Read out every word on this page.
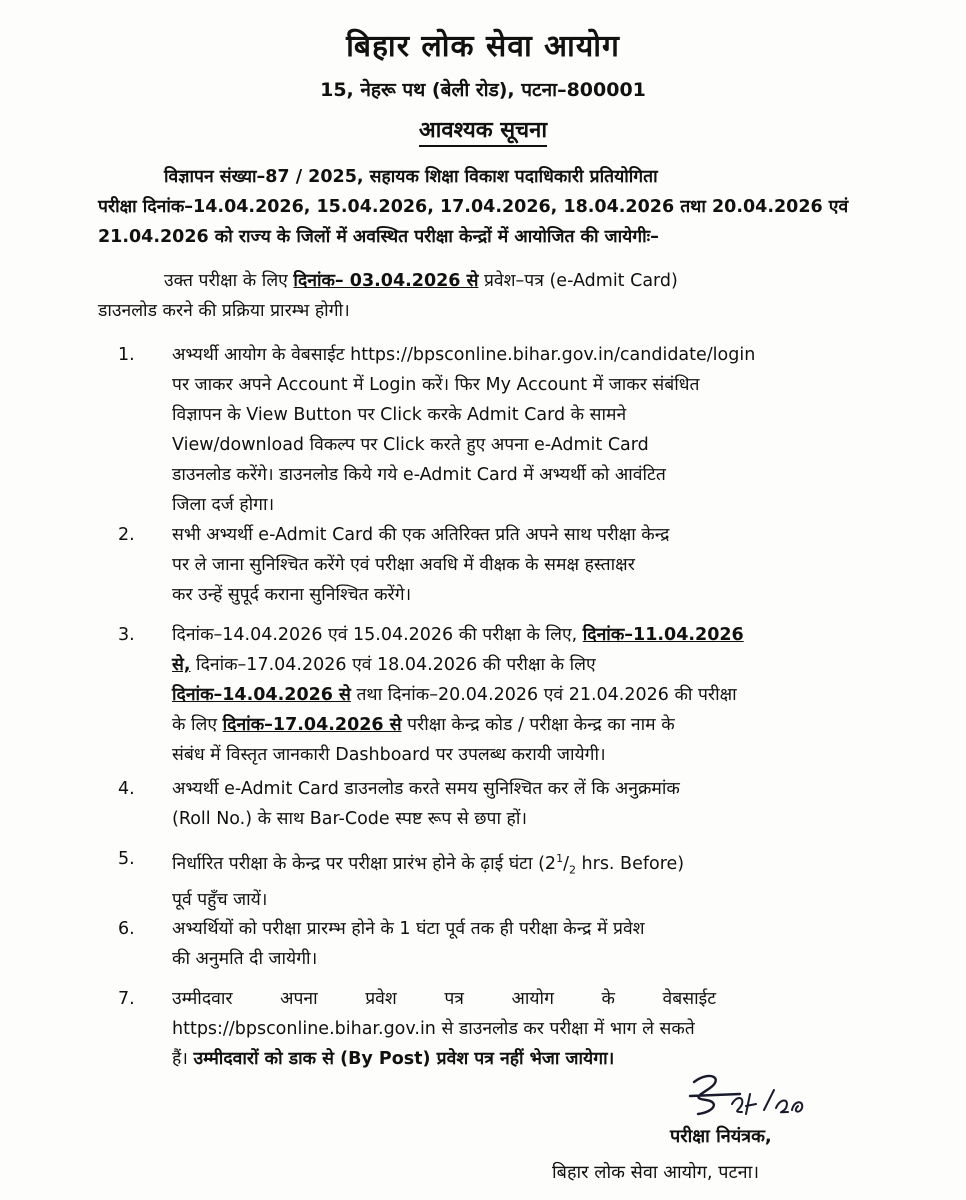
बिहार लोक सेवा आयोग
15, नेहरू पथ (बेली रोड), पटना–800001
आवश्यक सूचना
विज्ञापन संख्या–87 / 2025, सहायक शिक्षा विकाश पदाधिकारी प्रतियोगिता
परीक्षा दिनांक–14.04.2026, 15.04.2026, 17.04.2026, 18.04.2026 तथा 20.04.2026 एवं
21.04.2026 को राज्य के जिलों में अवस्थित परीक्षा केन्द्रों में आयोजित की जायेगीः–
उक्त परीक्षा के लिए दिनांक– 03.04.2026 से प्रवेश–पत्र (e-Admit Card)
डाउनलोड करने की प्रक्रिया प्रारम्भ होगी।
1.	अभ्यर्थी आयोग के वेबसाईट https://bpsconline.bihar.gov.in/candidate/login
पर जाकर अपने Account में Login करें। फिर My Account में जाकर संबंधित
विज्ञापन के View Button पर Click करके Admit Card के सामने
View/download विकल्प पर Click करते हुए अपना e-Admit Card
डाउनलोड करेंगे। डाउनलोड किये गये e-Admit Card में अभ्यर्थी को आवंटित
जिला दर्ज होगा।
2.	सभी अभ्यर्थी e-Admit Card की एक अतिरिक्त प्रति अपने साथ परीक्षा केन्द्र
पर ले जाना सुनिश्चित करेंगे एवं परीक्षा अवधि में वीक्षक के समक्ष हस्ताक्षर
कर उन्हें सुपूर्द कराना सुनिश्चित करेंगे।
3.	दिनांक–14.04.2026 एवं 15.04.2026 की परीक्षा के लिए, दिनांक–11.04.2026
से, दिनांक–17.04.2026 एवं 18.04.2026 की परीक्षा के लिए
दिनांक–14.04.2026 से तथा दिनांक–20.04.2026 एवं 21.04.2026 की परीक्षा
के लिए दिनांक–17.04.2026 से परीक्षा केन्द्र कोड / परीक्षा केन्द्र का नाम के
संबंध में विस्तृत जानकारी Dashboard पर उपलब्ध करायी जायेगी।
4.	अभ्यर्थी e-Admit Card डाउनलोड करते समय सुनिश्चित कर लें कि अनुक्रमांक
(Roll No.) के साथ Bar-Code स्पष्ट रूप से छपा हों।
5.	निर्धारित परीक्षा के केन्द्र पर परीक्षा प्रारंभ होने के ढ़ाई घंटा ($2^1/_2$ hrs. Before)
पूर्व पहुँच जायें।
6.	अभ्यर्थियों को परीक्षा प्रारम्भ होने के 1 घंटा पूर्व तक ही परीक्षा केन्द्र में प्रवेश
की अनुमति दी जायेगी।
7.	उम्मीदवार अपना प्रवेश पत्र आयोग के वेबसाईट
https://bpsconline.bihar.gov.in से डाउनलोड कर परीक्षा में भाग ले सकते
हैं। उम्मीदवारों को डाक से (By Post) प्रवेश पत्र नहीं भेजा जायेगा।
परीक्षा नियंत्रक,
बिहार लोक सेवा आयोग, पटना।
